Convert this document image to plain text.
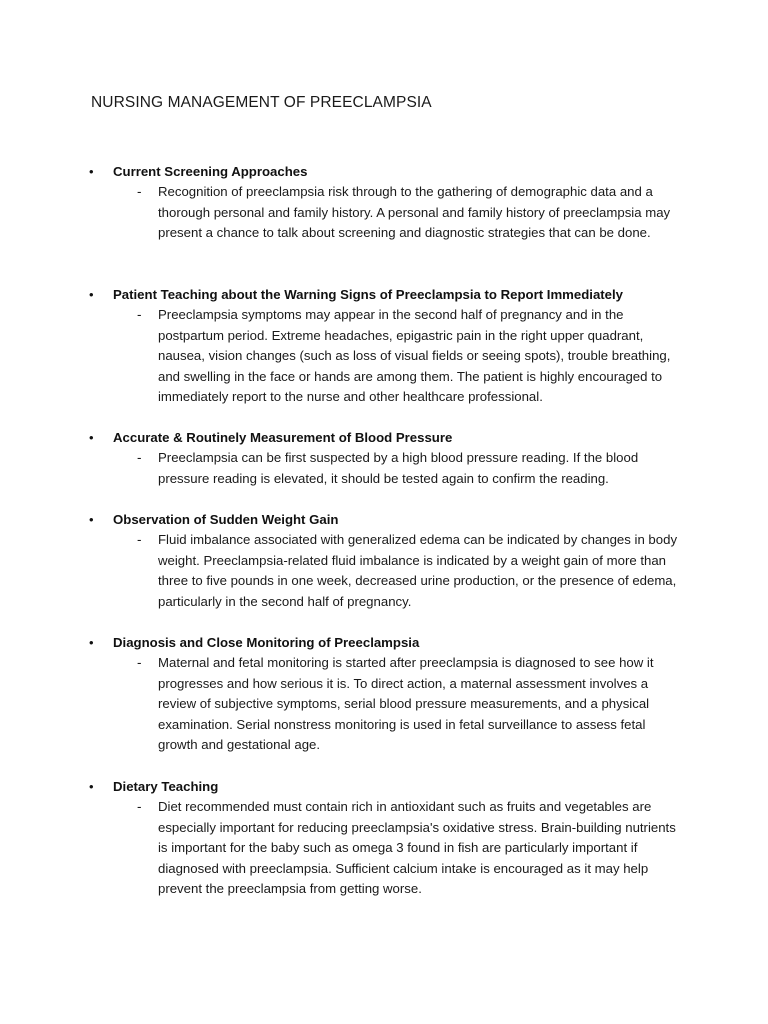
NURSING MANAGEMENT OF PREECLAMPSIA
• Current Screening Approaches
- Recognition of preeclampsia risk through to the gathering of demographic data and a thorough personal and family history. A personal and family history of preeclampsia may present a chance to talk about screening and diagnostic strategies that can be done.
• Patient Teaching about the Warning Signs of Preeclampsia to Report Immediately
- Preeclampsia symptoms may appear in the second half of pregnancy and in the postpartum period. Extreme headaches, epigastric pain in the right upper quadrant, nausea, vision changes (such as loss of visual fields or seeing spots), trouble breathing, and swelling in the face or hands are among them. The patient is highly encouraged to immediately report to the nurse and other healthcare professional.
• Accurate & Routinely Measurement of Blood Pressure
- Preeclampsia can be first suspected by a high blood pressure reading. If the blood pressure reading is elevated, it should be tested again to confirm the reading.
• Observation of Sudden Weight Gain
- Fluid imbalance associated with generalized edema can be indicated by changes in body weight. Preeclampsia-related fluid imbalance is indicated by a weight gain of more than three to five pounds in one week, decreased urine production, or the presence of edema, particularly in the second half of pregnancy.
• Diagnosis and Close Monitoring of Preeclampsia
- Maternal and fetal monitoring is started after preeclampsia is diagnosed to see how it progresses and how serious it is. To direct action, a maternal assessment involves a review of subjective symptoms, serial blood pressure measurements, and a physical examination. Serial nonstress monitoring is used in fetal surveillance to assess fetal growth and gestational age.
• Dietary Teaching
- Diet recommended must contain rich in antioxidant such as fruits and vegetables are especially important for reducing preeclampsia's oxidative stress. Brain-building nutrients is important for the baby such as omega 3 found in fish are particularly important if diagnosed with preeclampsia. Sufficient calcium intake is encouraged as it may help prevent the preeclampsia from getting worse.
